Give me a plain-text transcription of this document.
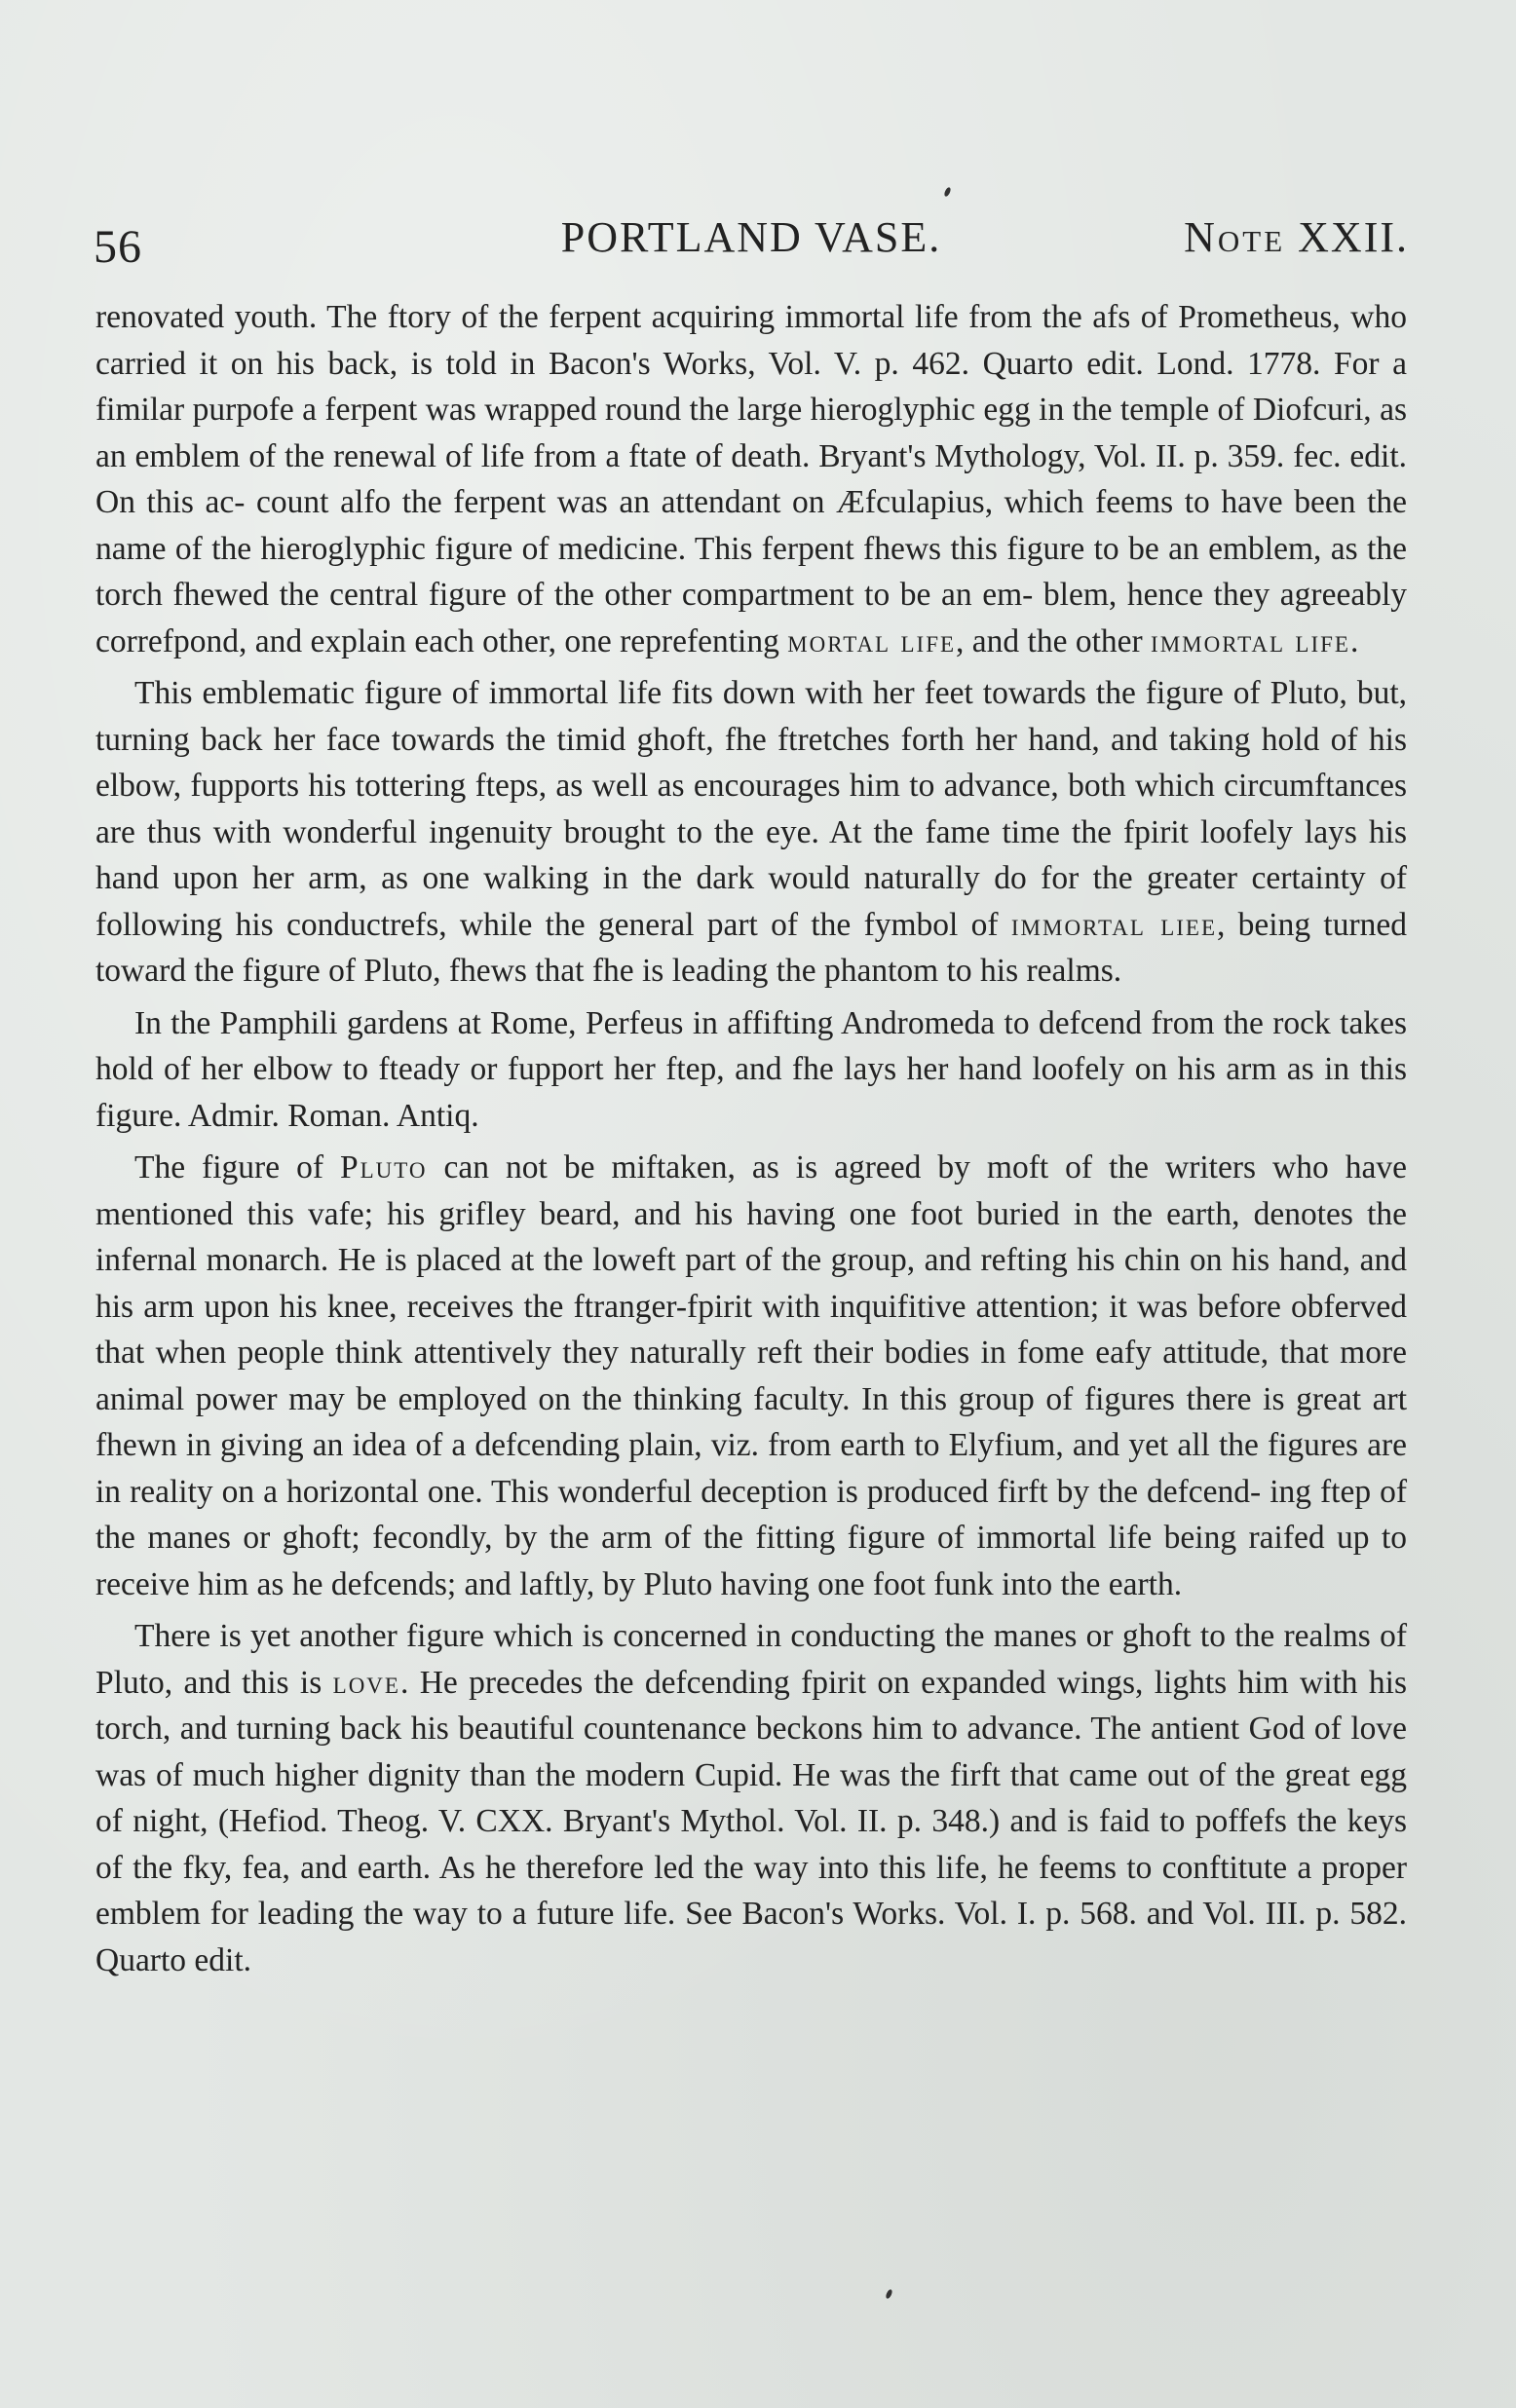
56	PORTLAND VASE.	Note XXII.

renovated youth. The ftory of the ferpent acquiring immortal life from the afs of Prometheus, who carried it on his back, is told in Bacon's Works, Vol. V. p. 462. Quarto edit. Lond. 1778. For a fimilar purpofe a ferpent was wrapped round the large hieroglyphic egg in the temple of Diofcuri, as an emblem of the renewal of life from a ftate of death. Bryant's Mythology, Vol. II. p. 359. fec. edit. On this ac- count alfo the ferpent was an attendant on Æfculapius, which feems to have been the name of the hieroglyphic figure of medicine. This ferpent fhews this figure to be an emblem, as the torch fhewed the central figure of the other compartment to be an em- blem, hence they agreeably correfpond, and explain each other, one reprefenting mortal life, and the other immortal life.

This emblematic figure of immortal life fits down with her feet towards the figure of Pluto, but, turning back her face towards the timid ghoft, fhe ftretches forth her hand, and taking hold of his elbow, fupports his tottering fteps, as well as encourages him to advance, both which circumftances are thus with wonderful ingenuity brought to the eye. At the fame time the fpirit loofely lays his hand upon her arm, as one walking in the dark would naturally do for the greater certainty of following his conductrefs, while the general part of the fymbol of immortal liee, being turned toward the figure of Pluto, fhews that fhe is leading the phantom to his realms.

In the Pamphili gardens at Rome, Perfeus in affifting Andromeda to defcend from the rock takes hold of her elbow to fteady or fupport her ftep, and fhe lays her hand loofely on his arm as in this figure. Admir. Roman. Antiq.

The figure of Pluto can not be miftaken, as is agreed by moft of the writers who have mentioned this vafe; his grifley beard, and his having one foot buried in the earth, denotes the infernal monarch. He is placed at the loweft part of the group, and refting his chin on his hand, and his arm upon his knee, receives the ftranger-fpirit with inquifitive attention; it was before obferved that when people think attentively they naturally reft their bodies in fome eafy attitude, that more animal power may be employed on the thinking faculty. In this group of figures there is great art fhewn in giving an idea of a defcending plain, viz. from earth to Elyfium, and yet all the figures are in reality on a horizontal one. This wonderful deception is produced firft by the defcend- ing ftep of the manes or ghoft; fecondly, by the arm of the fitting figure of immortal life being raifed up to receive him as he defcends; and laftly, by Pluto having one foot funk into the earth.

There is yet another figure which is concerned in conducting the manes or ghoft to the realms of Pluto, and this is love. He precedes the defcending fpirit on expanded wings, lights him with his torch, and turning back his beautiful countenance beckons him to advance. The antient God of love was of much higher dignity than the modern Cupid. He was the firft that came out of the great egg of night, (Hefiod. Theog. V. CXX. Bryant's Mythol. Vol. II. p. 348.) and is faid to poffefs the keys of the fky, fea, and earth. As he therefore led the way into this life, he feems to conftitute a proper emblem for leading the way to a future life. See Bacon's Works. Vol. I. p. 568. and Vol. III. p. 582. Quarto edit.
